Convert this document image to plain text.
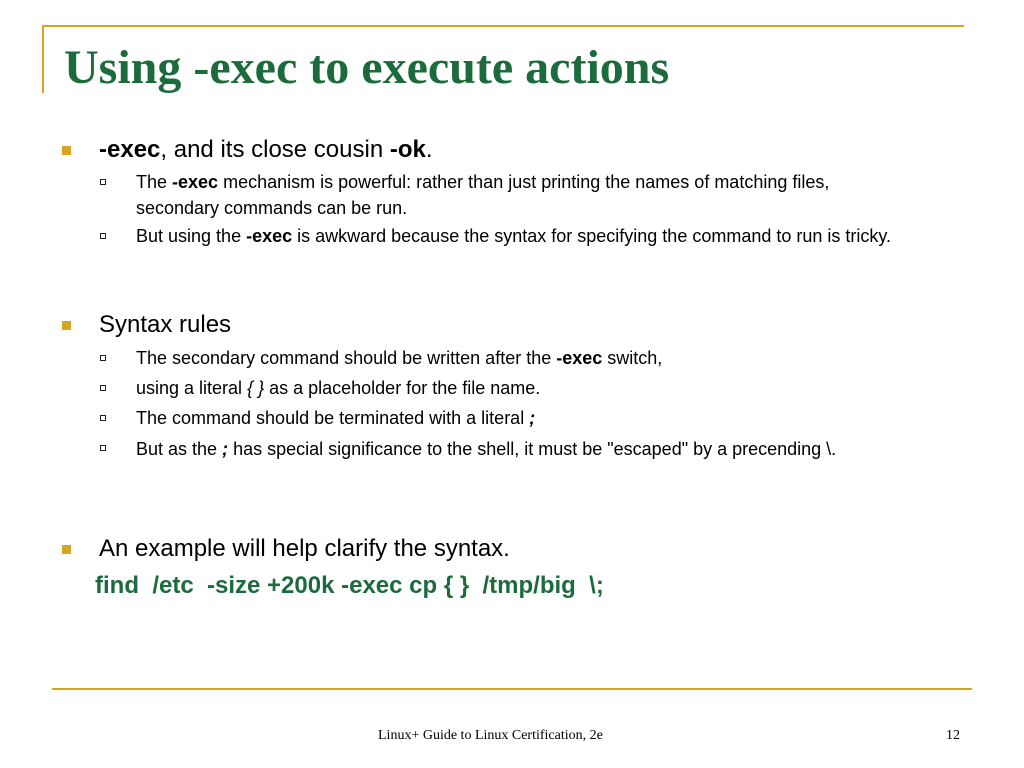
Using -exec to execute actions
-exec, and its close cousin -ok.
The -exec mechanism is powerful: rather than just printing the names of matching files, secondary commands can be run.
But using the -exec is awkward because the syntax for specifying the command to run is tricky.
Syntax rules
The secondary command should be written after the -exec switch,
using a literal { } as a placeholder for the file name.
The command should be terminated with a literal ;
But as the ; has special significance to the shell, it must be "escaped" by a precending \.
An example will help clarify the syntax.
find  /etc  -size +200k -exec cp { }  /tmp/big  \;
Linux+ Guide to Linux Certification, 2e	12
